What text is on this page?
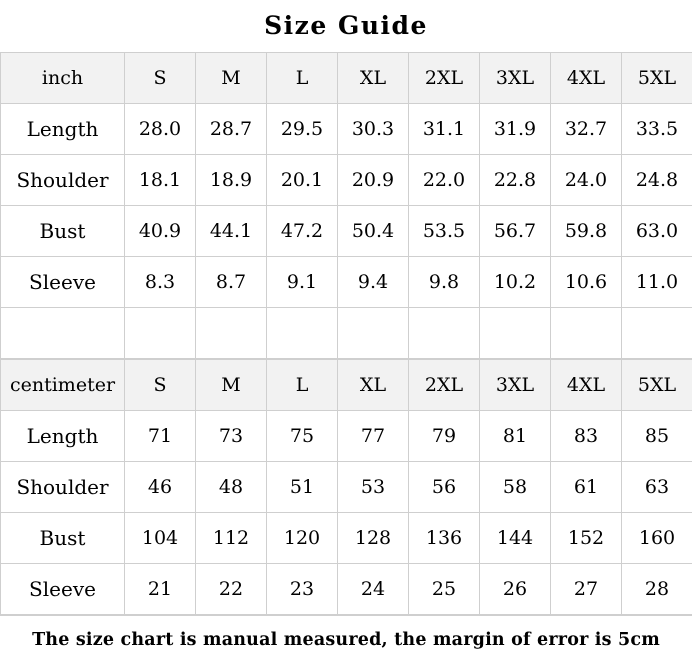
Size Guide
inch	S	M	L	XL	2XL	3XL	4XL	5XL
Length	28.0	28.7	29.5	30.3	31.1	31.9	32.7	33.5
Shoulder	18.1	18.9	20.1	20.9	22.0	22.8	24.0	24.8
Bust	40.9	44.1	47.2	50.4	53.5	56.7	59.8	63.0
Sleeve	8.3	8.7	9.1	9.4	9.8	10.2	10.6	11.0

centimeter	S	M	L	XL	2XL	3XL	4XL	5XL
Length	71	73	75	77	79	81	83	85
Shoulder	46	48	51	53	56	58	61	63
Bust	104	112	120	128	136	144	152	160
Sleeve	21	22	23	24	25	26	27	28
The size chart is manual measured, the margin of error is 5cm
